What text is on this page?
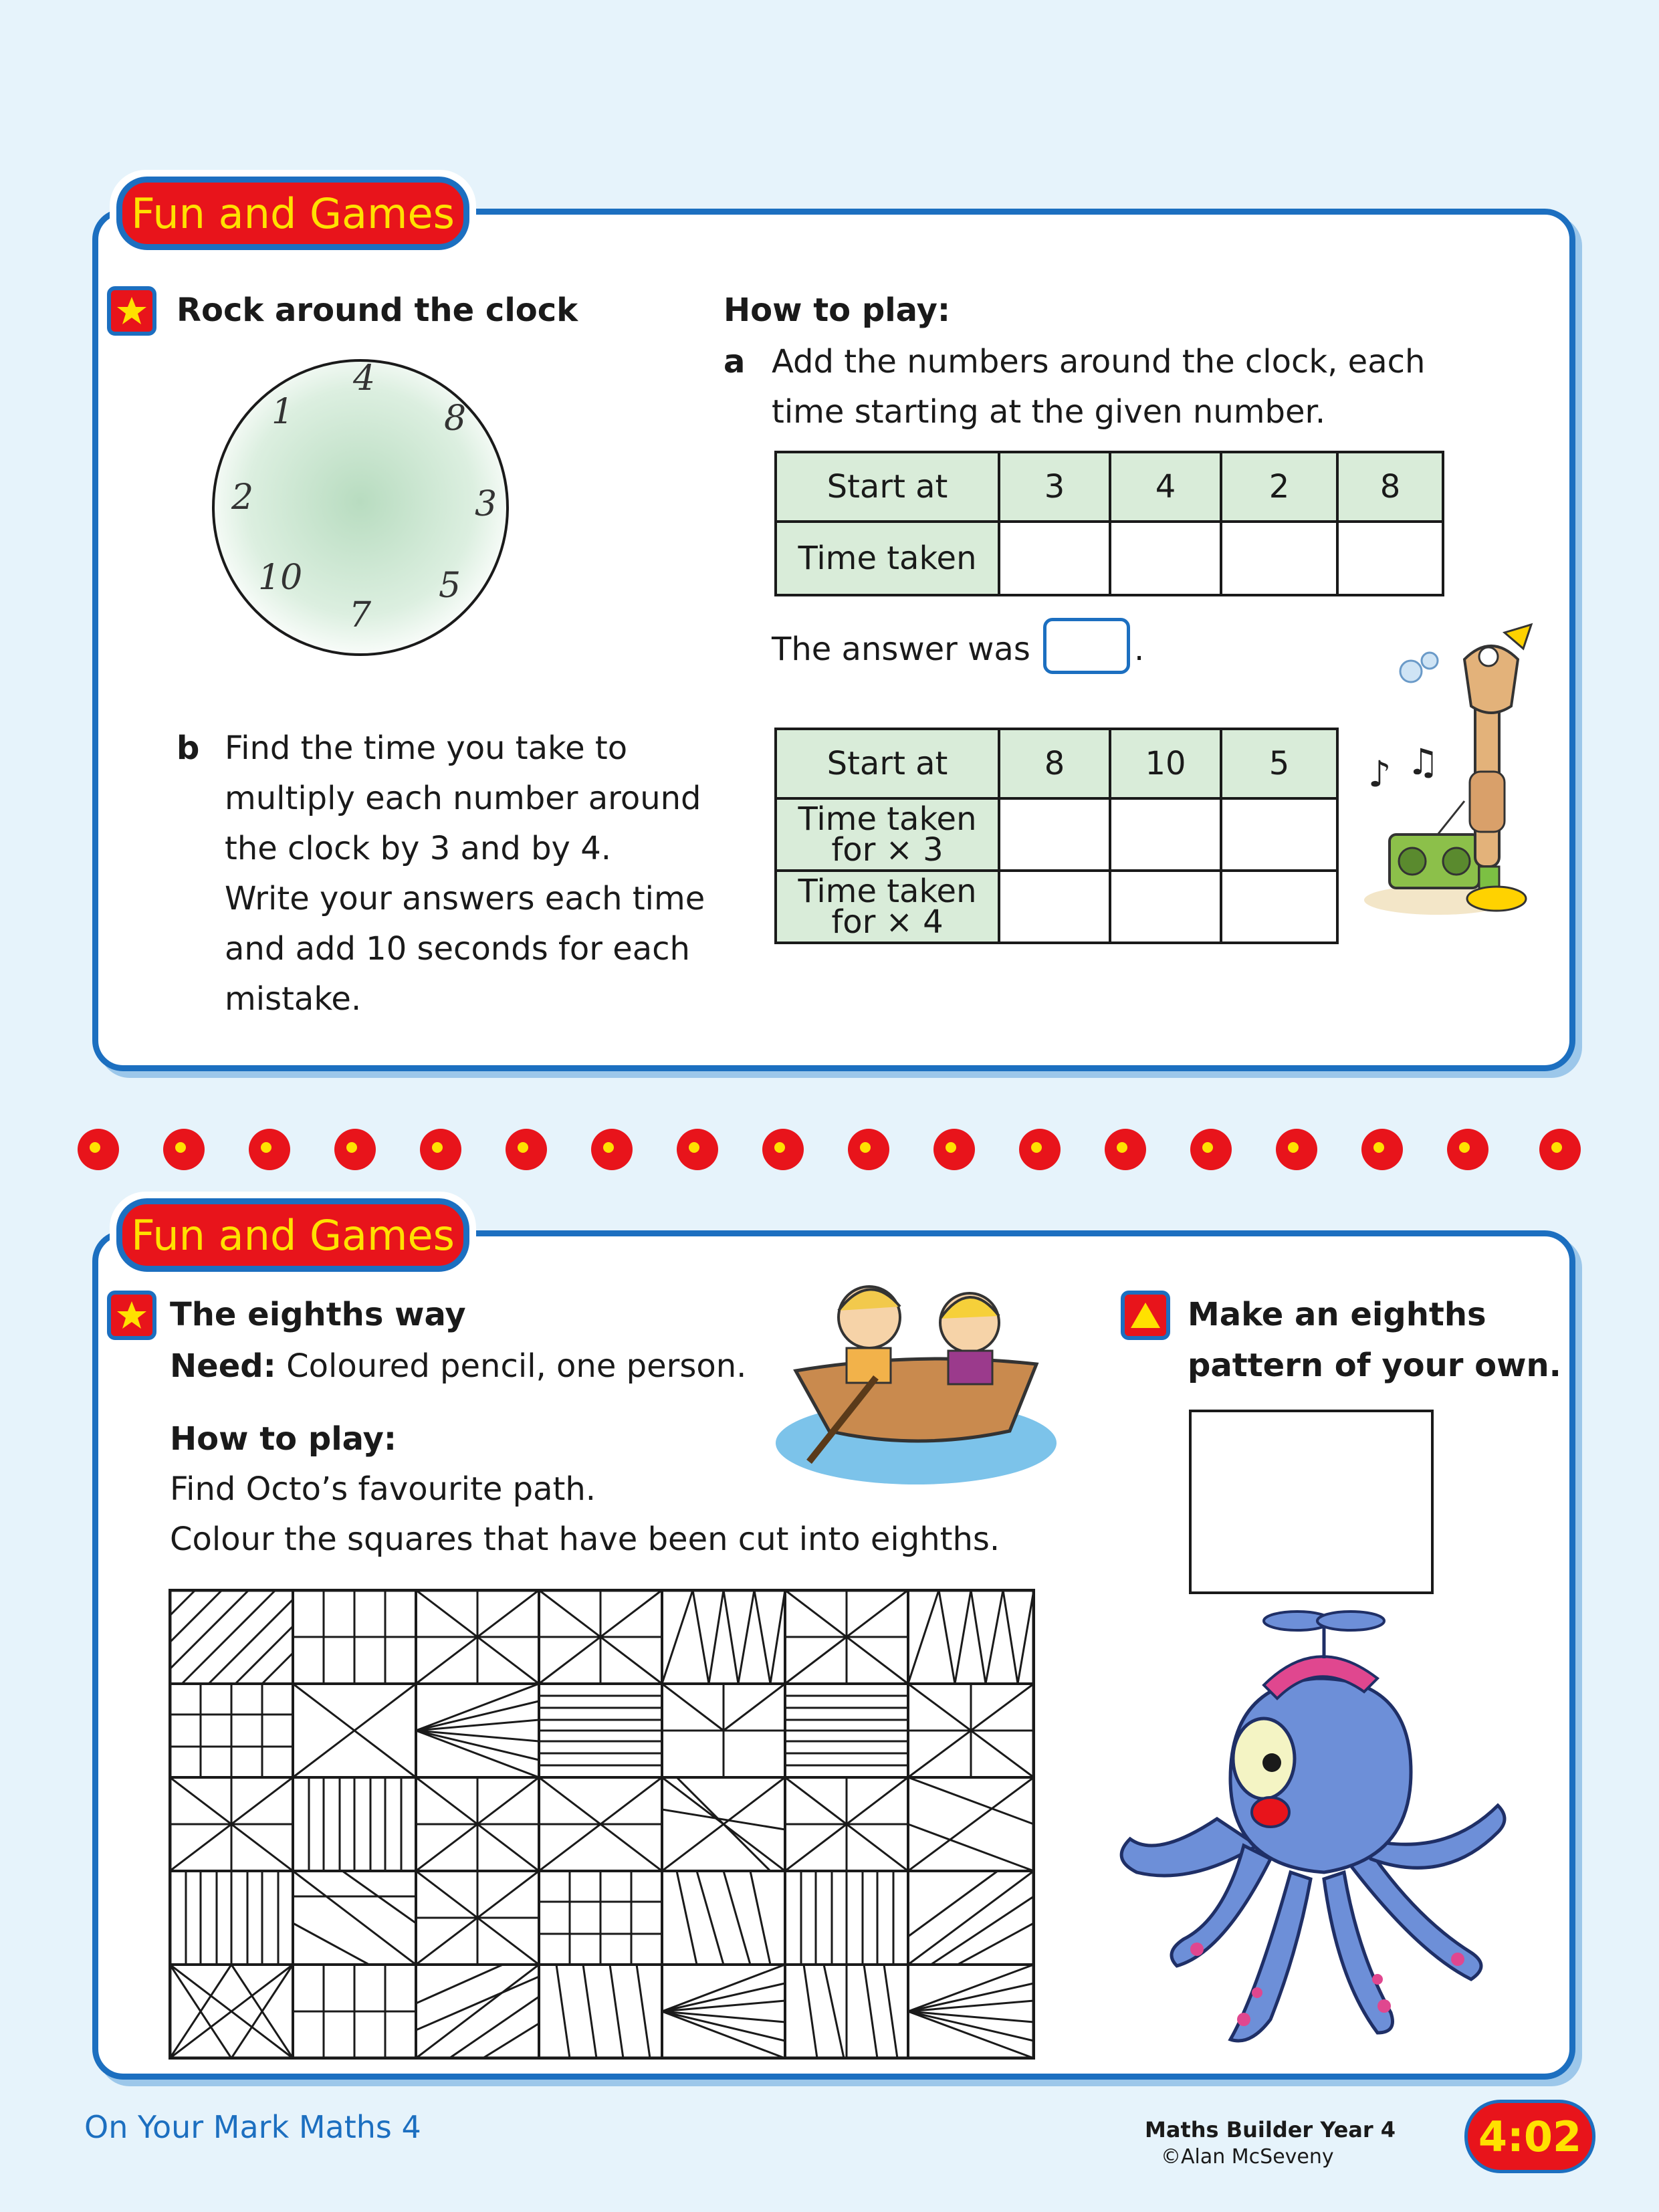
Fun and Games
Rock around the clock
4
8
3
5
7
10
2
1
How to play:
a Add the numbers around the clock, each
time starting at the given number.
Start at	3	4	2	8
Time taken				
The answer was	.
b Find the time you take to
multiply each number around
the clock by 3 and by 4.
Write your answers each time
and add 10 seconds for each
mistake.
Start at	8	10	5

Time taken
for × 3			

Time taken
for × 4			

♪ ♫
Fun and Games
The eighths way
Need: Coloured pencil, one person.
How to play:
Find Octo’s favourite path.
Colour the squares that have been cut into eighths.
Make an eighths
pattern of your own.
On Your Mark Maths 4	Maths Builder Year 4
©Alan McSeveny	4:02
